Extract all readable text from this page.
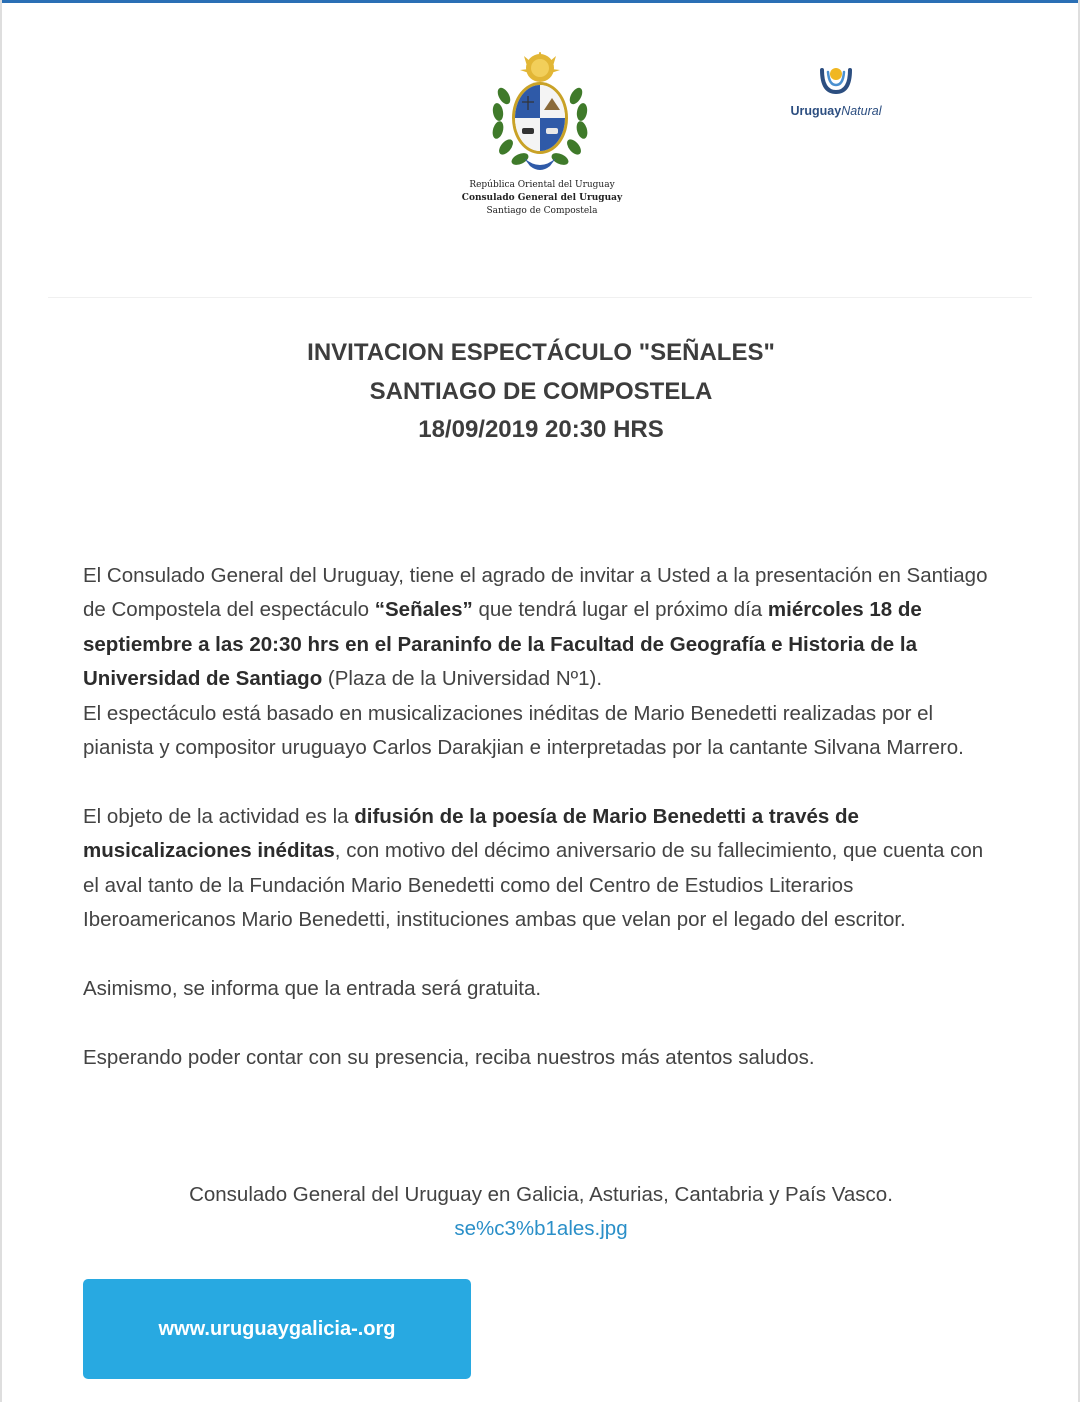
República Oriental del Uruguay
Consulado General del Uruguay
Santiago de Compostela
UruguayNatural
INVITACION ESPECTÁCULO "SEÑALES"
SANTIAGO DE COMPOSTELA
18/09/2019 20:30 HRS

El Consulado General del Uruguay, tiene el agrado de invitar a Usted a la presentación en Santiago de Compostela del espectáculo “Señales” que tendrá lugar el próximo día miércoles 18 de septiembre a las 20:30 hrs en el Paraninfo de la Facultad de Geografía e Historia de la Universidad de Santiago (Plaza de la Universidad Nº1).

El espectáculo está basado en musicalizaciones inéditas de Mario Benedetti realizadas por el pianista y compositor uruguayo Carlos Darakjian e interpretadas por la cantante Silvana Marrero.

El objeto de la actividad es la difusión de la poesía de Mario Benedetti a través de musicalizaciones inéditas, con motivo del décimo aniversario de su fallecimiento, que cuenta con el aval tanto de la Fundación Mario Benedetti como del Centro de Estudios Literarios Iberoamericanos Mario Benedetti, instituciones ambas que velan por el legado del escritor.

Asimismo, se informa que la entrada será gratuita.

Esperando poder contar con su presencia, reciba nuestros más atentos saludos.

Consulado General del Uruguay en Galicia, Asturias, Cantabria y País Vasco.
se%c3%b1ales.jpg
www.uruguaygalicia-.org
